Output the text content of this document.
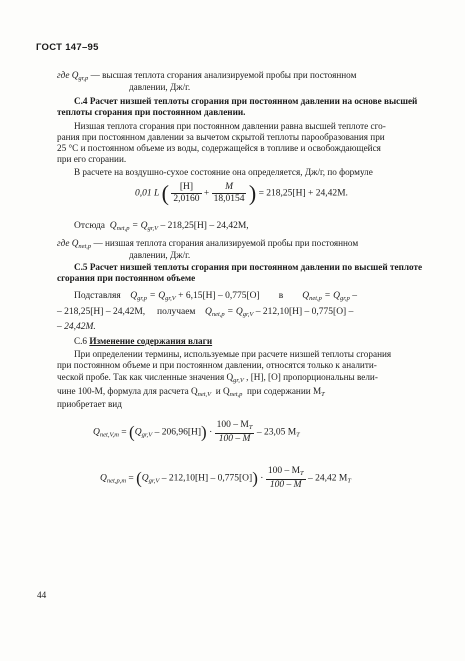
ГОСТ 147–95
где $Q_{gr,p}$ — высшая теплота сгорания анализируемой пробы при постоянном
давлении, Дж/г.
С.4 Расчет низшей теплоты сгорания при постоянном давлении на основе высшей
теплоты сгорания при постоянном давлении.
Низшая теплота сгорания при постоянном давлении равна высшей теплоте сго-
рания при постоянном давлении за вычетом скрытой теплоты парообразования при
25 °С и постоянном объеме из воды, содержащейся в топливе и освобождающейся
при его сгорании.
В расчете на воздушно-сухое состояние она определяется, Дж/г, по формуле
0,01 L ( $\frac{[H]}{2,0160} + \frac{M}{18,0154}$ ) = 218,25[H] + 24,42M.
Отсюда $Q_{net,p} = Q_{gr,V} - 218,25[H] - 24,42M$,
где $Q_{net,p}$ — низшая теплота сгорания анализируемой пробы при постоянном
давлении, Дж/г.
С.5 Расчет низшей теплоты сгорания при постоянном давлении по высшей теплоте
сгорания при постоянном объеме
Подставляя $Q_{gr,p} = Q_{gr,V} + 6,15[H] - 0,775[O]$ в $Q_{net,p} = Q_{gr,p}$ –
– 218,25[H] – 24,42M, получаем $Q_{net,p} = Q_{gr,V} - 212,10[H] - 0,775[O]$ –
– 24,42M.
С.6 Изменение содержания влаги
При определении термины, используемые при расчете низшей теплоты сгорания
при постоянном объеме и при постоянном давлении, относятся только к аналити-
ческой пробе. Так как численные значения $Q_{gr,V}$ , [H], [O] пропорциональны вели-
чине 100-M, формула для расчета $Q_{net,V}$ и $Q_{net,p}$ при содержании $M_T$
приобретает вид
$Q_{net,V,m} = (Q_{gr,V} - 206,96[H]) \cdot \frac{100 - M_T}{100 - M} - 23,05$ $M_T$
$Q_{net,p,m} = (Q_{gr,V} - 212,10[H] - 0,775[O]) \cdot \frac{100 - M_T}{100 - M} - 24,42$ $M_T$
44
